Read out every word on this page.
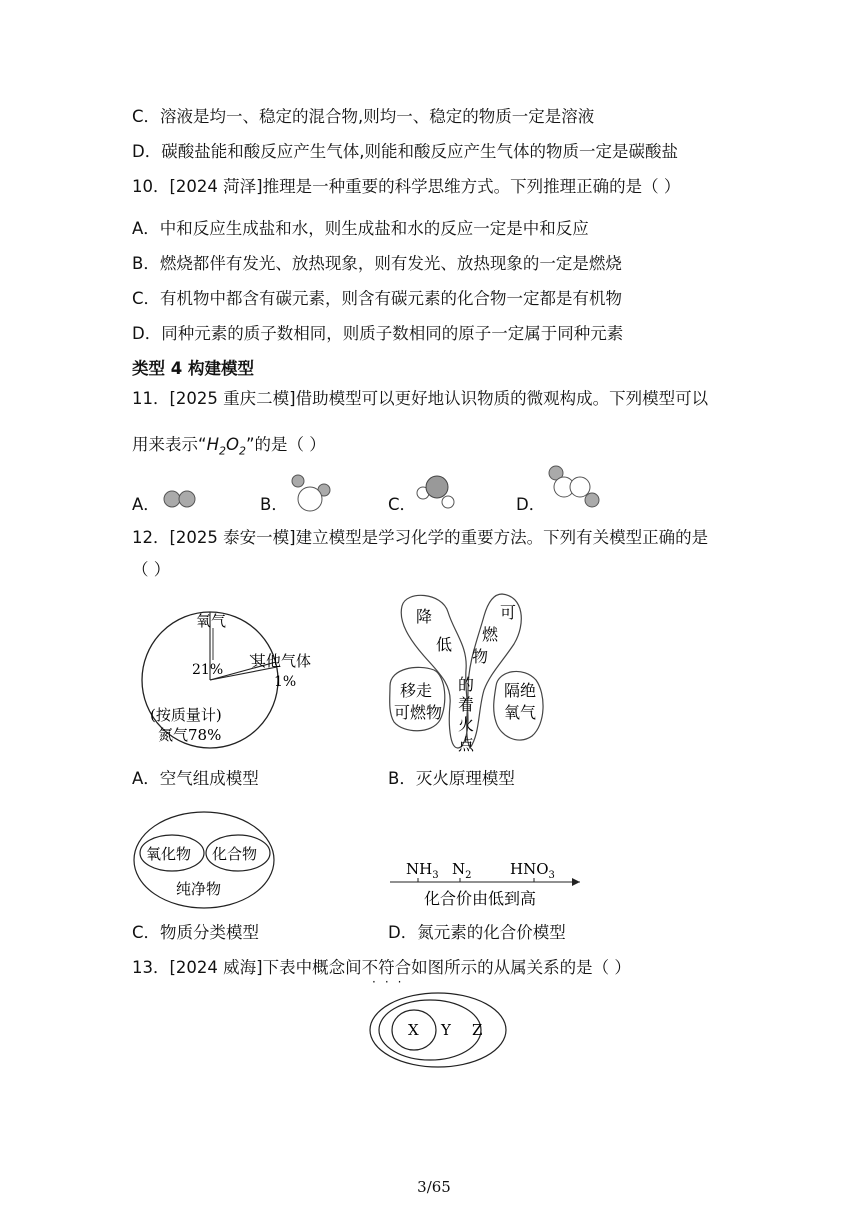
C．溶液是均一、稳定的混合物,则均一、稳定的物质一定是溶液
D．碳酸盐能和酸反应产生气体,则能和酸反应产生气体的物质一定是碳酸盐
10．[2024 菏泽]推理是一种重要的科学思维方式。下列推理正确的是（ ）
A．中和反应生成盐和水，则生成盐和水的反应一定是中和反应
B．燃烧都伴有发光、放热现象，则有发光、放热现象的一定是燃烧
C．有机物中都含有碳元素，则含有碳元素的化合物一定都是有机物
D．同种元素的质子数相同，则质子数相同的原子一定属于同种元素
类型 4 构建模型
11．[2025 重庆二模]借助模型可以更好地认识物质的微观构成。下列模型可以
用来表示“$H_2O_2$”的是（ ）
A．	B．	C．	D．
12．[2025 泰安一模]建立模型是学习化学的重要方法。下列有关模型正确的是
（ ）
氧气
21% 其他气体
1%
(按质量计)
氮气78%
降
低
可
燃
物
的
着
火
点
移走
可燃物
隔绝
氧气
A．空气组成模型	B．灭火原理模型
氧化物 化合物
纯净物
$NH_3$ $N_2$	$HNO_3$
化合价由低到高
C．物质分类模型	D．氮元素的化合价模型
13．[2024 威海]下表中概念间不符合如图所示的从属关系的是（ ）
···
X Y Z
3/65
